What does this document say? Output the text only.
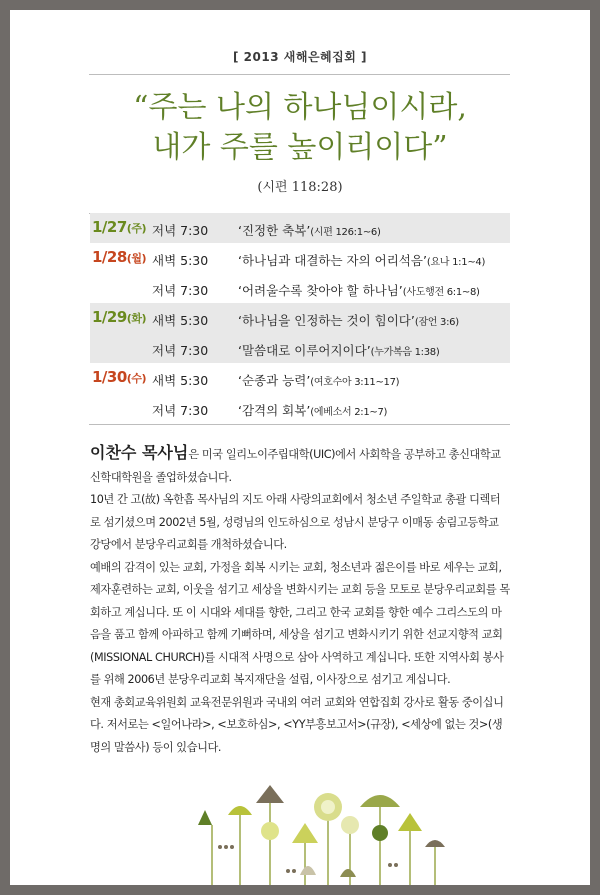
[ 2013 새해은혜집회 ]
“주는 나의 하나님이시라,
내가 주를 높이리이다”
(시편 118:28)
1/27(주) 저녁 7:30 ‘진정한 축복’(시편 126:1~6)
1/28(월) 새벽 5:30 ‘하나님과 대결하는 자의 어리석음’(요나 1:1~4)
저녁 7:30 ‘어려울수록 찾아야 할 하나님’(사도행전 6:1~8)
1/29(화) 새벽 5:30 ‘하나님을 인정하는 것이 힘이다’(잠언 3:6)
저녁 7:30 ‘말씀대로 이루어지이다’(누가복음 1:38)
1/30(수) 새벽 5:30 ‘순종과 능력’(여호수아 3:11~17)
저녁 7:30 ‘감격의 회복’(에베소서 2:1~7)

이찬수 목사님은 미국 일리노이주립대학(UIC)에서 사회학을 공부하고 총신대학교 신학대학원을 졸업하셨습니다.

10년 간 고(故) 옥한흠 목사님의 지도 아래 사랑의교회에서 청소년 주일학교 총괄 디렉터로 섬기셨으며 2002년 5월, 성령님의 인도하심으로 성남시 분당구 이매동 송림고등학교 강당에서 분당우리교회를 개척하셨습니다.

예배의 감격이 있는 교회, 가정을 회복 시키는 교회, 청소년과 젊은이를 바로 세우는 교회, 제자훈련하는 교회, 이웃을 섬기고 세상을 변화시키는 교회 등을 모토로 분당우리교회를 목회하고 계십니다. 또 이 시대와 세대를 향한, 그리고 한국 교회를 향한 예수 그리스도의 마음을 품고 함께 아파하고 함께 기뻐하며, 세상을 섬기고 변화시키기 위한 선교지향적 교회(MISSIONAL CHURCH)를 시대적 사명으로 삼아 사역하고 계십니다. 또한 지역사회 봉사를 위해 2006년 분당우리교회 복지재단을 설립, 이사장으로 섬기고 계십니다.

현재 총회교육위원회 교육전문위원과 국내외 여러 교회와 연합집회 강사로 활동 중이십니다. 저서로는 <일어나라>, <보호하심>, <YY부흥보고서>(규장), <세상에 없는 것>(생명의 말씀사) 등이 있습니다.
